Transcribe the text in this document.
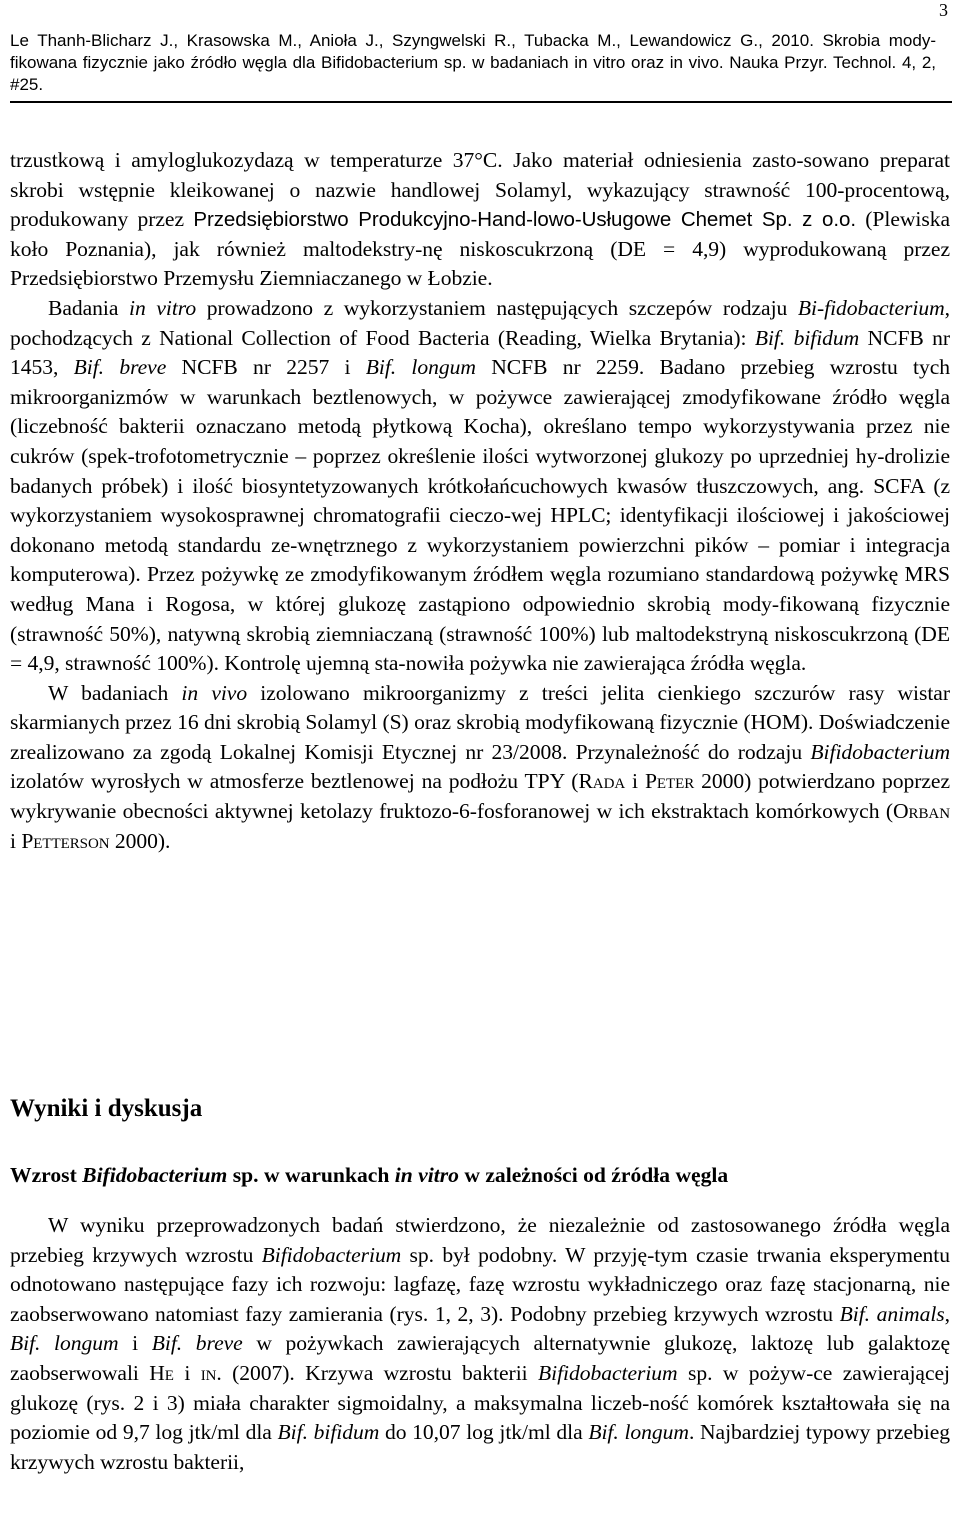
3
Le Thanh-Blicharz J., Krasowska M., Anioła J., Szyngwelski R., Tubacka M., Lewandowicz G., 2010. Skrobia mody-fikowana fizycznie jako źródło węgla dla Bifidobacterium sp. w badaniach in vitro oraz in vivo. Nauka Przyr. Technol. 4, 2, #25.

trzustkową i amyloglukozydazą w temperaturze 37°C. Jako materiał odniesienia zasto-sowano preparat skrobi wstępnie kleikowanej o nazwie handlowej Solamyl, wykazujący strawność 100-procentową, produkowany przez Przedsiębiorstwo Produkcyjno-Hand-lowo-Usługowe Chemet Sp. z o.o. (Plewiska koło Poznania), jak również maltodekstry-nę niskoscukrzoną (DE = 4,9) wyprodukowaną przez Przedsiębiorstwo Przemysłu Ziemniaczanego w Łobzie.

Badania in vitro prowadzono z wykorzystaniem następujących szczepów rodzaju Bi-fidobacterium, pochodzących z National Collection of Food Bacteria (Reading, Wielka Brytania): Bif. bifidum NCFB nr 1453, Bif. breve NCFB nr 2257 i Bif. longum NCFB nr 2259. Badano przebieg wzrostu tych mikroorganizmów w warunkach beztlenowych, w pożywce zawierającej zmodyfikowane źródło węgla (liczebność bakterii oznaczano metodą płytkową Kocha), określano tempo wykorzystywania przez nie cukrów (spek-trofotometrycznie – poprzez określenie ilości wytworzonej glukozy po uprzedniej hy-drolizie badanych próbek) i ilość biosyntetyzowanych krótkołańcuchowych kwasów tłuszczowych, ang. SCFA (z wykorzystaniem wysokosprawnej chromatografii cieczo-wej HPLC; identyfikacji ilościowej i jakościowej dokonano metodą standardu ze-wnętrznego z wykorzystaniem powierzchni pików – pomiar i integracja komputerowa). Przez pożywkę ze zmodyfikowanym źródłem węgla rozumiano standardową pożywkę MRS według Mana i Rogosa, w której glukozę zastąpiono odpowiednio skrobią mody-fikowaną fizycznie (strawność 50%), natywną skrobią ziemniaczaną (strawność 100%) lub maltodekstryną niskoscukrzoną (DE = 4,9, strawność 100%). Kontrolę ujemną sta-nowiła pożywka nie zawierająca źródła węgla.

W badaniach in vivo izolowano mikroorganizmy z treści jelita cienkiego szczurów rasy wistar skarmianych przez 16 dni skrobią Solamyl (S) oraz skrobią modyfikowaną fizycznie (HOM). Doświadczenie zrealizowano za zgodą Lokalnej Komisji Etycznej nr 23/2008. Przynależność do rodzaju Bifidobacterium izolatów wyrosłych w atmosferze beztlenowej na podłożu TPY (Rada i Peter 2000) potwierdzano poprzez wykrywanie obecności aktywnej ketolazy fruktozo-6-fosforanowej w ich ekstraktach komórkowych (Orban i Petterson 2000).

Wyniki i dyskusja
Wzrost Bifidobacterium sp. w warunkach in vitro w zależności od źródła węgla

W wyniku przeprowadzonych badań stwierdzono, że niezależnie od zastosowanego źródła węgla przebieg krzywych wzrostu Bifidobacterium sp. był podobny. W przyję-tym czasie trwania eksperymentu odnotowano następujące fazy ich rozwoju: lagfazę, fazę wzrostu wykładniczego oraz fazę stacjonarną, nie zaobserwowano natomiast fazy zamierania (rys. 1, 2, 3). Podobny przebieg krzywych wzrostu Bif. animals, Bif. longum i Bif. breve w pożywkach zawierających alternatywnie glukozę, laktozę lub galaktozę zaobserwowali He i in. (2007). Krzywa wzrostu bakterii Bifidobacterium sp. w pożyw-ce zawierającej glukozę (rys. 2 i 3) miała charakter sigmoidalny, a maksymalna liczeb-ność komórek kształtowała się na poziomie od 9,7 log jtk/ml dla Bif. bifidum do 10,07 log jtk/ml dla Bif. longum. Najbardziej typowy przebieg krzywych wzrostu bakterii,
